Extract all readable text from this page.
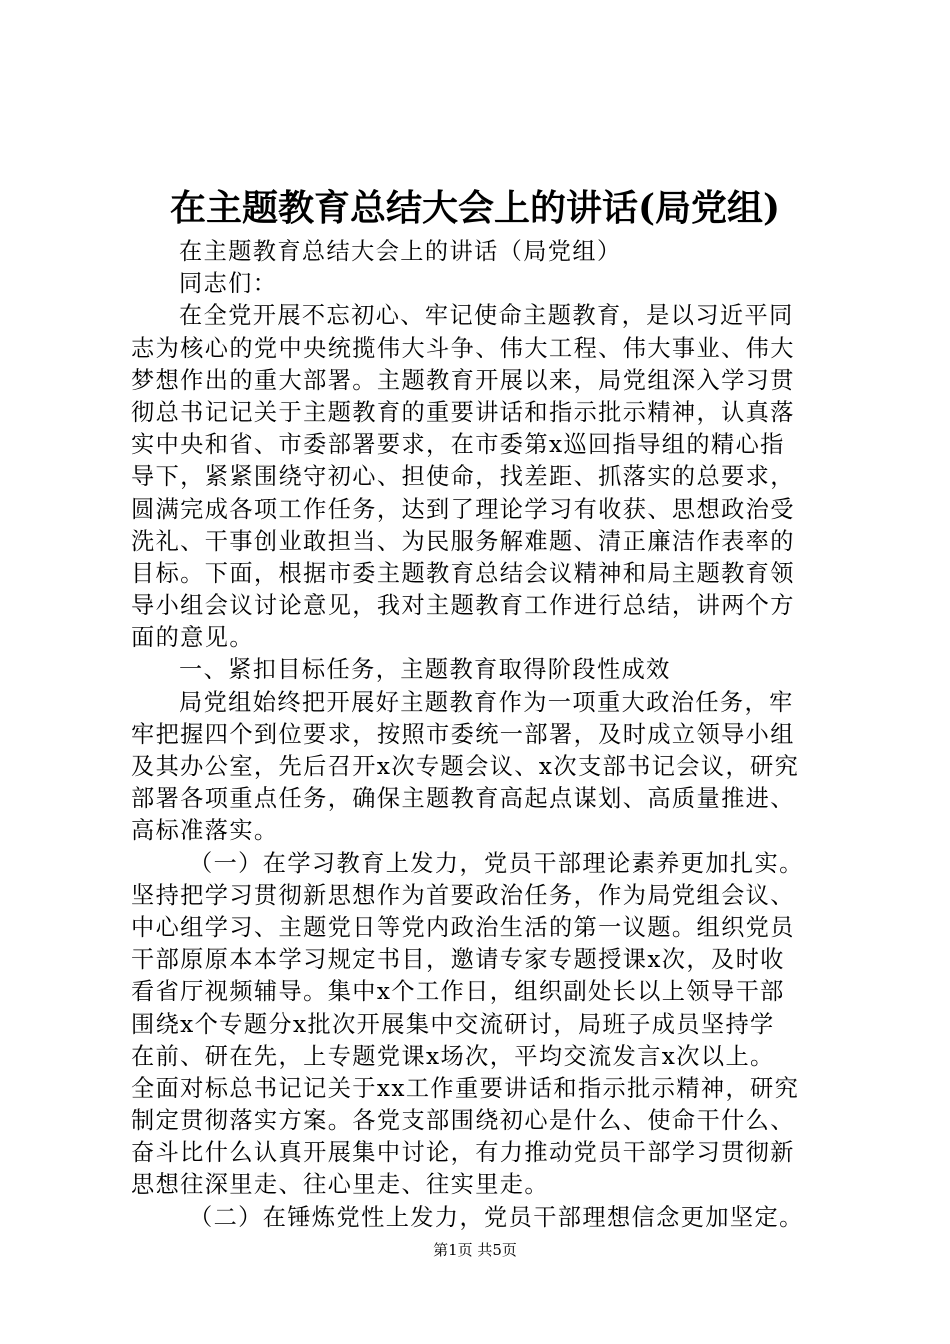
在主题教育总结大会上的讲话(局党组)
在主题教育总结大会上的讲话（局党组）
同志们：
在全党开展不忘初心、牢记使命主题教育，是以习近平同
志为核心的党中央统揽伟大斗争、伟大工程、伟大事业、伟大
梦想作出的重大部署。主题教育开展以来，局党组深入学习贯
彻总书记记关于主题教育的重要讲话和指示批示精神，认真落
实中央和省、市委部署要求，在市委第x巡回指导组的精心指
导下，紧紧围绕守初心、担使命，找差距、抓落实的总要求，
圆满完成各项工作任务，达到了理论学习有收获、思想政治受
洗礼、干事创业敢担当、为民服务解难题、清正廉洁作表率的
目标。下面，根据市委主题教育总结会议精神和局主题教育领
导小组会议讨论意见，我对主题教育工作进行总结，讲两个方
面的意见。
一、紧扣目标任务，主题教育取得阶段性成效
局党组始终把开展好主题教育作为一项重大政治任务，牢
牢把握四个到位要求，按照市委统一部署，及时成立领导小组
及其办公室，先后召开x次专题会议、x次支部书记会议，研究
部署各项重点任务，确保主题教育高起点谋划、高质量推进、
高标准落实。
（一）在学习教育上发力，党员干部理论素养更加扎实。
坚持把学习贯彻新思想作为首要政治任务，作为局党组会议、
中心组学习、主题党日等党内政治生活的第一议题。组织党员
干部原原本本学习规定书目，邀请专家专题授课x次，及时收
看省厅视频辅导。集中x个工作日，组织副处长以上领导干部
围绕x个专题分x批次开展集中交流研讨，局班子成员坚持学
在前、研在先，上专题党课x场次，平均交流发言x次以上。
全面对标总书记记关于xx工作重要讲话和指示批示精神，研究
制定贯彻落实方案。各党支部围绕初心是什么、使命干什么、
奋斗比什么认真开展集中讨论，有力推动党员干部学习贯彻新
思想往深里走、往心里走、往实里走。
（二）在锤炼党性上发力，党员干部理想信念更加坚定。
第1页 共5页
